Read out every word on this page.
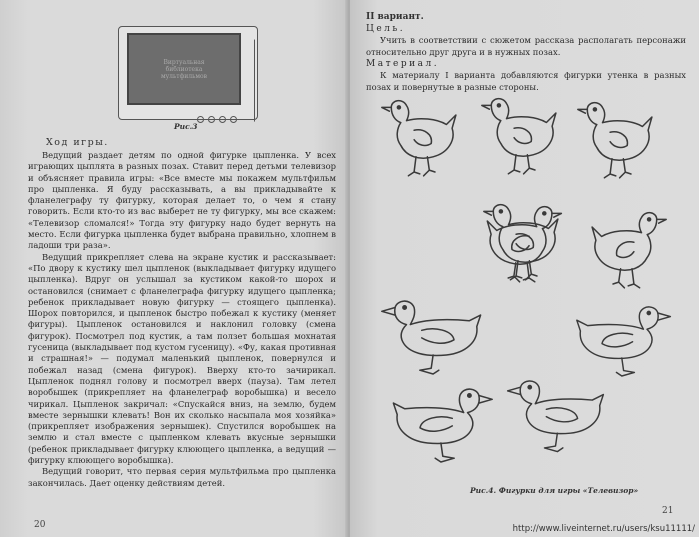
Виртуальная библиотека мультфильмов
Рис.3
Ход игры.

Ведущий раздает детям по одной фигурке цыпленка. У всех играющих цыплята в разных позах. Ставит перед детьми телевизор и объясняет правила игры: «Все вместе мы покажем мультфильм про цыпленка. Я буду рассказывать, а вы прикладывайте к фланелеграфу ту фигурку, которая делает то, о чем я стану говорить. Если кто-то из вас выберет не ту фигурку, мы все скажем: «Телевизор сломался!» Тогда эту фигурку надо будет вернуть на место. Если фигурка цыпленка будет выбрана правильно, хлопнем в ладоши три раза».

Ведущий прикрепляет слева на экране кустик и рассказывает: «По двору к кустику шел цыпленок (выкладывает фигурку идущего цыпленка). Вдруг он услышал за кустиком какой-то шорох и остановился (снимает с фланелеграфа фигурку идущего цыпленка; ребенок прикладывает новую фигурку — стоящего цыпленка). Шорох повторился, и цыпленок быстро побежал к кустику (меняет фигуры). Цыпленок остановился и наклонил головку (смена фигурок). Посмотрел под кустик, а там ползет большая мохнатая гусеница (выкладывает под кустом гусеницу). «Фу, какая противная и страшная!» — подумал маленький цыпленок, повернулся и побежал назад (смена фигурок). Вверху кто-то зачирикал. Цыпленок поднял голову и посмотрел вверх (пауза). Там летел воробышек (прикрепляет на фланелеграф воробышка) и весело чирикал. Цыпленок закричал: «Спускайся вниз, на землю, будем вместе зернышки клевать! Вон их сколько насыпала моя хозяйка» (прикрепляет изображения зернышек). Спустился воробышек на землю и стал вместе с цыпленком клевать вкусные зернышки (ребенок прикладывает фигурку клюющего цыпленка, а ведущий — фигурку клюющего воробышка).

Ведущий говорит, что первая серия мультфильма про цыпленка закончилась. Дает оценку действиям детей.

20
II вариант.
Цель.

Учить в соответствии с сюжетом рассказа располагать персонажи относительно друг друга и в нужных позах.

Материал.

К материалу I варианта добавляются фигурки утенка в разных позах и повернутые в разные стороны.

Рис.4. Фигурки для игры «Телевизор»
21
http://www.liveinternet.ru/users/ksu11111/
